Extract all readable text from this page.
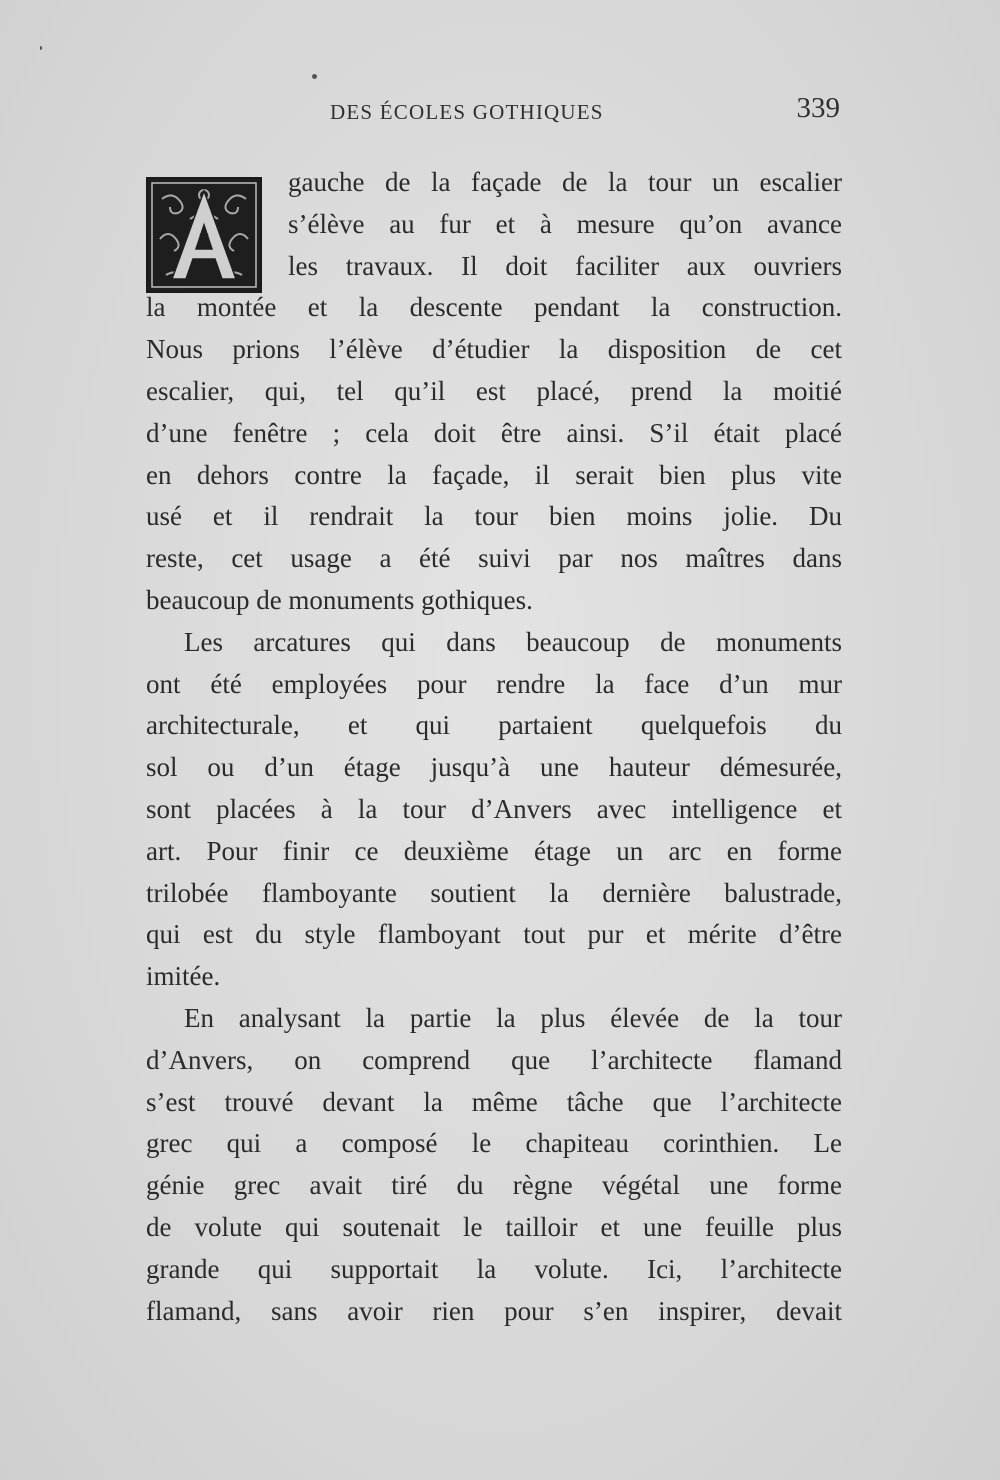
DES ÉCOLES GOTHIQUES	339
gauche de la façade de la tour un escalier
s’élève au fur et à mesure qu’on avance
les travaux. Il doit faciliter aux ouvriers
la montée et la descente pendant la construction.
Nous prions l’élève d’étudier la disposition de cet
escalier, qui, tel qu’il est placé, prend la moitié
d’une fenêtre ; cela doit être ainsi. S’il était placé
en dehors contre la façade, il serait bien plus vite
usé et il rendrait la tour bien moins jolie. Du
reste, cet usage a été suivi par nos maîtres dans
beaucoup de monuments gothiques.
Les arcatures qui dans beaucoup de monuments
ont été employées pour rendre la face d’un mur
architecturale, et qui partaient quelquefois du
sol ou d’un étage jusqu’à une hauteur démesurée,
sont placées à la tour d’Anvers avec intelligence et
art. Pour finir ce deuxième étage un arc en forme
trilobée flamboyante soutient la dernière balustrade,
qui est du style flamboyant tout pur et mérite d’être
imitée.
En analysant la partie la plus élevée de la tour
d’Anvers, on comprend que l’architecte flamand
s’est trouvé devant la même tâche que l’architecte
grec qui a composé le chapiteau corinthien. Le
génie grec avait tiré du règne végétal une forme
de volute qui soutenait le tailloir et une feuille plus
grande qui supportait la volute. Ici, l’architecte
flamand, sans avoir rien pour s’en inspirer, devait
